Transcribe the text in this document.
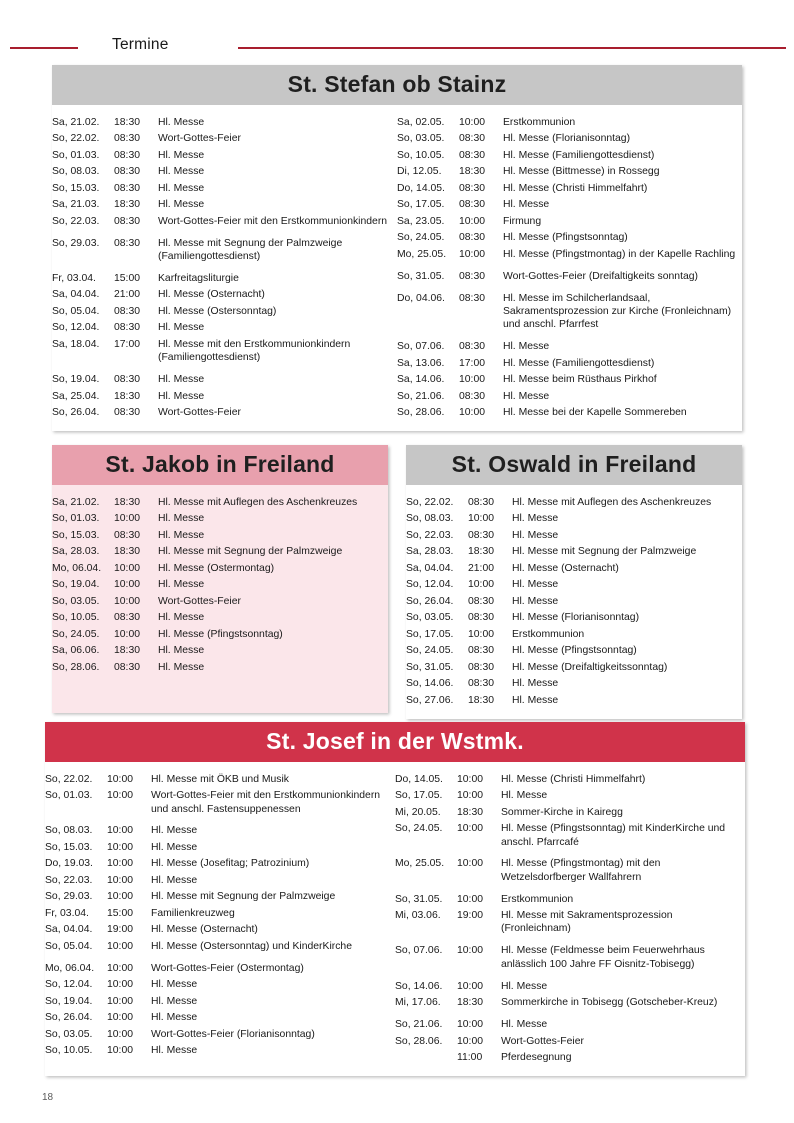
Termine
St. Stefan ob Stainz
Sa, 21.02.	18:30	Hl. Messe
So, 22.02.	08:30	Wort-Gottes-Feier
So, 01.03.	08:30	Hl. Messe
So, 08.03.	08:30	Hl. Messe
So, 15.03.	08:30	Hl. Messe
Sa, 21.03.	18:30	Hl. Messe
So, 22.03.	08:30	Wort-Gottes-Feier mit den Erstkommunionkindern
So, 29.03.	08:30	Hl. Messe mit Segnung der Palmzweige (Familiengottesdienst)
Fr, 03.04.	15:00	Karfreitagsliturgie
Sa, 04.04.	21:00	Hl. Messe (Osternacht)
So, 05.04.	08:30	Hl. Messe (Ostersonntag)
So, 12.04.	08:30	Hl. Messe
Sa, 18.04.	17:00	Hl. Messe mit den Erstkommunionkindern (Familiengottesdienst)
So, 19.04.	08:30	Hl. Messe
Sa, 25.04.	18:30	Hl. Messe
So, 26.04.	08:30	Wort-Gottes-Feier
Sa, 02.05.	10:00	Erstkommunion
So, 03.05.	08:30	Hl. Messe (Florianisonntag)
So, 10.05.	08:30	Hl. Messe (Familiengottesdienst)
Di, 12.05.	18:30	Hl. Messe (Bittmesse) in Rossegg
Do, 14.05.	08:30	Hl. Messe (Christi Himmelfahrt)
So, 17.05.	08:30	Hl. Messe
Sa, 23.05.	10:00	Firmung
So, 24.05.	08:30	Hl. Messe (Pfingstsonntag)
Mo, 25.05.	10:00	Hl. Messe (Pfingstmontag) in der Kapelle Rachling
So, 31.05.	08:30	Wort-Gottes-Feier (Dreifaltigkeits sonntag)
Do, 04.06.	08:30	Hl. Messe im Schilcherlandsaal, Sakramentsprozession zur Kirche (Fronleichnam) und anschl. Pfarrfest
So, 07.06.	08:30	Hl. Messe
Sa, 13.06.	17:00	Hl. Messe (Familiengottesdienst)
Sa, 14.06.	10:00	Hl. Messe beim Rüsthaus Pirkhof
So, 21.06.	08:30	Hl. Messe
So, 28.06.	10:00	Hl. Messe bei der Kapelle Sommereben
St. Jakob in Freiland
Sa, 21.02.	18:30	Hl. Messe mit Auflegen des Aschenkreuzes
So, 01.03.	10:00	Hl. Messe
So, 15.03.	08:30	Hl. Messe
Sa, 28.03.	18:30	Hl. Messe mit Segnung der Palmzweige
Mo, 06.04.	10:00	Hl. Messe (Ostermontag)
So, 19.04.	10:00	Hl. Messe
So, 03.05.	10:00	Wort-Gottes-Feier
So, 10.05.	08:30	Hl. Messe
So, 24.05.	10:00	Hl. Messe (Pfingstsonntag)
Sa, 06.06.	18:30	Hl. Messe
So, 28.06.	08:30	Hl. Messe
St. Oswald in Freiland
So, 22.02.	08:30	Hl. Messe mit Auflegen des Aschenkreuzes
So, 08.03.	10:00	Hl. Messe
So, 22.03.	08:30	Hl. Messe
Sa, 28.03.	18:30	Hl. Messe mit Segnung der Palmzweige
Sa, 04.04.	21:00	Hl. Messe (Osternacht)
So, 12.04.	10:00	Hl. Messe
So, 26.04.	08:30	Hl. Messe
So, 03.05.	08:30	Hl. Messe (Florianisonntag)
So, 17.05.	10:00	Erstkommunion
So, 24.05.	08:30	Hl. Messe (Pfingstsonntag)
So, 31.05.	08:30	Hl. Messe (Dreifaltigkeitssonntag)
So, 14.06.	08:30	Hl. Messe
So, 27.06.	18:30	Hl. Messe
St. Josef in der Wstmk.
So, 22.02.	10:00	Hl. Messe mit ÖKB und Musik
So, 01.03.	10:00	Wort-Gottes-Feier mit den Erstkommunionkindern und anschl. Fastensuppenessen
So, 08.03.	10:00	Hl. Messe
So, 15.03.	10:00	Hl. Messe
Do, 19.03.	10:00	Hl. Messe (Josefitag; Patrozinium)
So, 22.03.	10:00	Hl. Messe
So, 29.03.	10:00	Hl. Messe mit Segnung der Palmzweige
Fr, 03.04.	15:00	Familienkreuzweg
Sa, 04.04.	19:00	Hl. Messe (Osternacht)
So, 05.04.	10:00	Hl. Messe (Ostersonntag) und KinderKirche
Mo, 06.04.	10:00	Wort-Gottes-Feier (Ostermontag)
So, 12.04.	10:00	Hl. Messe
So, 19.04.	10:00	Hl. Messe
So, 26.04.	10:00	Hl. Messe
So, 03.05.	10:00	Wort-Gottes-Feier (Florianisonntag)
So, 10.05.	10:00	Hl. Messe
Do, 14.05.	10:00	Hl. Messe (Christi Himmelfahrt)
So, 17.05.	10:00	Hl. Messe
Mi, 20.05.	18:30	Sommer-Kirche in Kairegg
So, 24.05.	10:00	Hl. Messe (Pfingstsonntag) mit KinderKirche und anschl. Pfarrcafé
Mo, 25.05.	10:00	Hl. Messe (Pfingstmontag) mit den Wetzelsdorfberger Wallfahrern
So, 31.05.	10:00	Erstkommunion
Mi, 03.06.	19:00	Hl. Messe mit Sakramentsprozession (Fronleichnam)
So, 07.06.	10:00	Hl. Messe (Feldmesse beim Feuerwehrhaus anlässlich 100 Jahre FF Oisnitz-Tobisegg)
So, 14.06.	10:00	Hl. Messe
Mi, 17.06.	18:30	Sommerkirche in Tobisegg (Gotscheber-Kreuz)
So, 21.06.	10:00	Hl. Messe
So, 28.06.	10:00	Wort-Gottes-Feier
	11:00	Pferdesegnung
18
